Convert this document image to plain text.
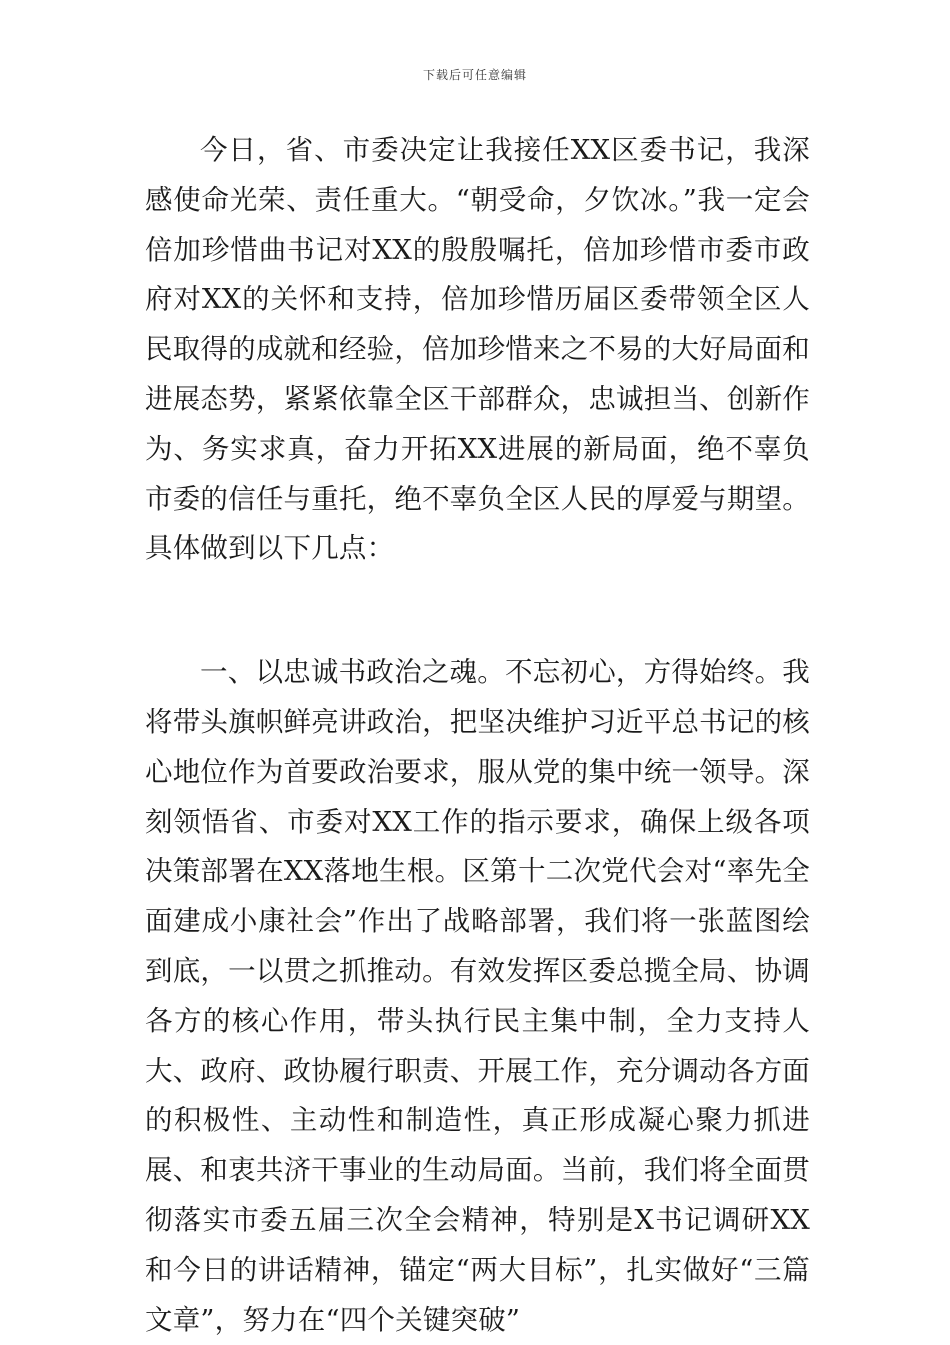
下载后可任意编辑

今日，省、市委决定让我接任XX区委书记，我深感使命光荣、责任重大。“朝受命，夕饮冰。”我一定会倍加珍惜曲书记对XX的殷殷嘱托，倍加珍惜市委市政府对XX的关怀和支持，倍加珍惜历届区委带领全区人民取得的成就和经验，倍加珍惜来之不易的大好局面和进展态势，紧紧依靠全区干部群众，忠诚担当、创新作为、务实求真，奋力开拓XX进展的新局面，绝不辜负市委的信任与重托，绝不辜负全区人民的厚爱与期望。具体做到以下几点：

一、以忠诚书政治之魂。不忘初心，方得始终。我将带头旗帜鲜亮讲政治，把坚决维护习近平总书记的核心地位作为首要政治要求，服从党的集中统一领导。深刻领悟省、市委对XX工作的指示要求，确保上级各项决策部署在XX落地生根。区第十二次党代会对“率先全面建成小康社会”作出了战略部署，我们将一张蓝图绘到底，一以贯之抓推动。有效发挥区委总揽全局、协调各方的核心作用，带头执行民主集中制，全力支持人大、政府、政协履行职责、开展工作，充分调动各方面的积极性、主动性和制造性，真正形成凝心聚力抓进展、和衷共济干事业的生动局面。当前，我们将全面贯彻落实市委五届三次全会精神，特别是X书记调研XX和今日的讲话精神，锚定“两大目标”，扎实做好“三篇文章”，努力在“四个关键突破”
